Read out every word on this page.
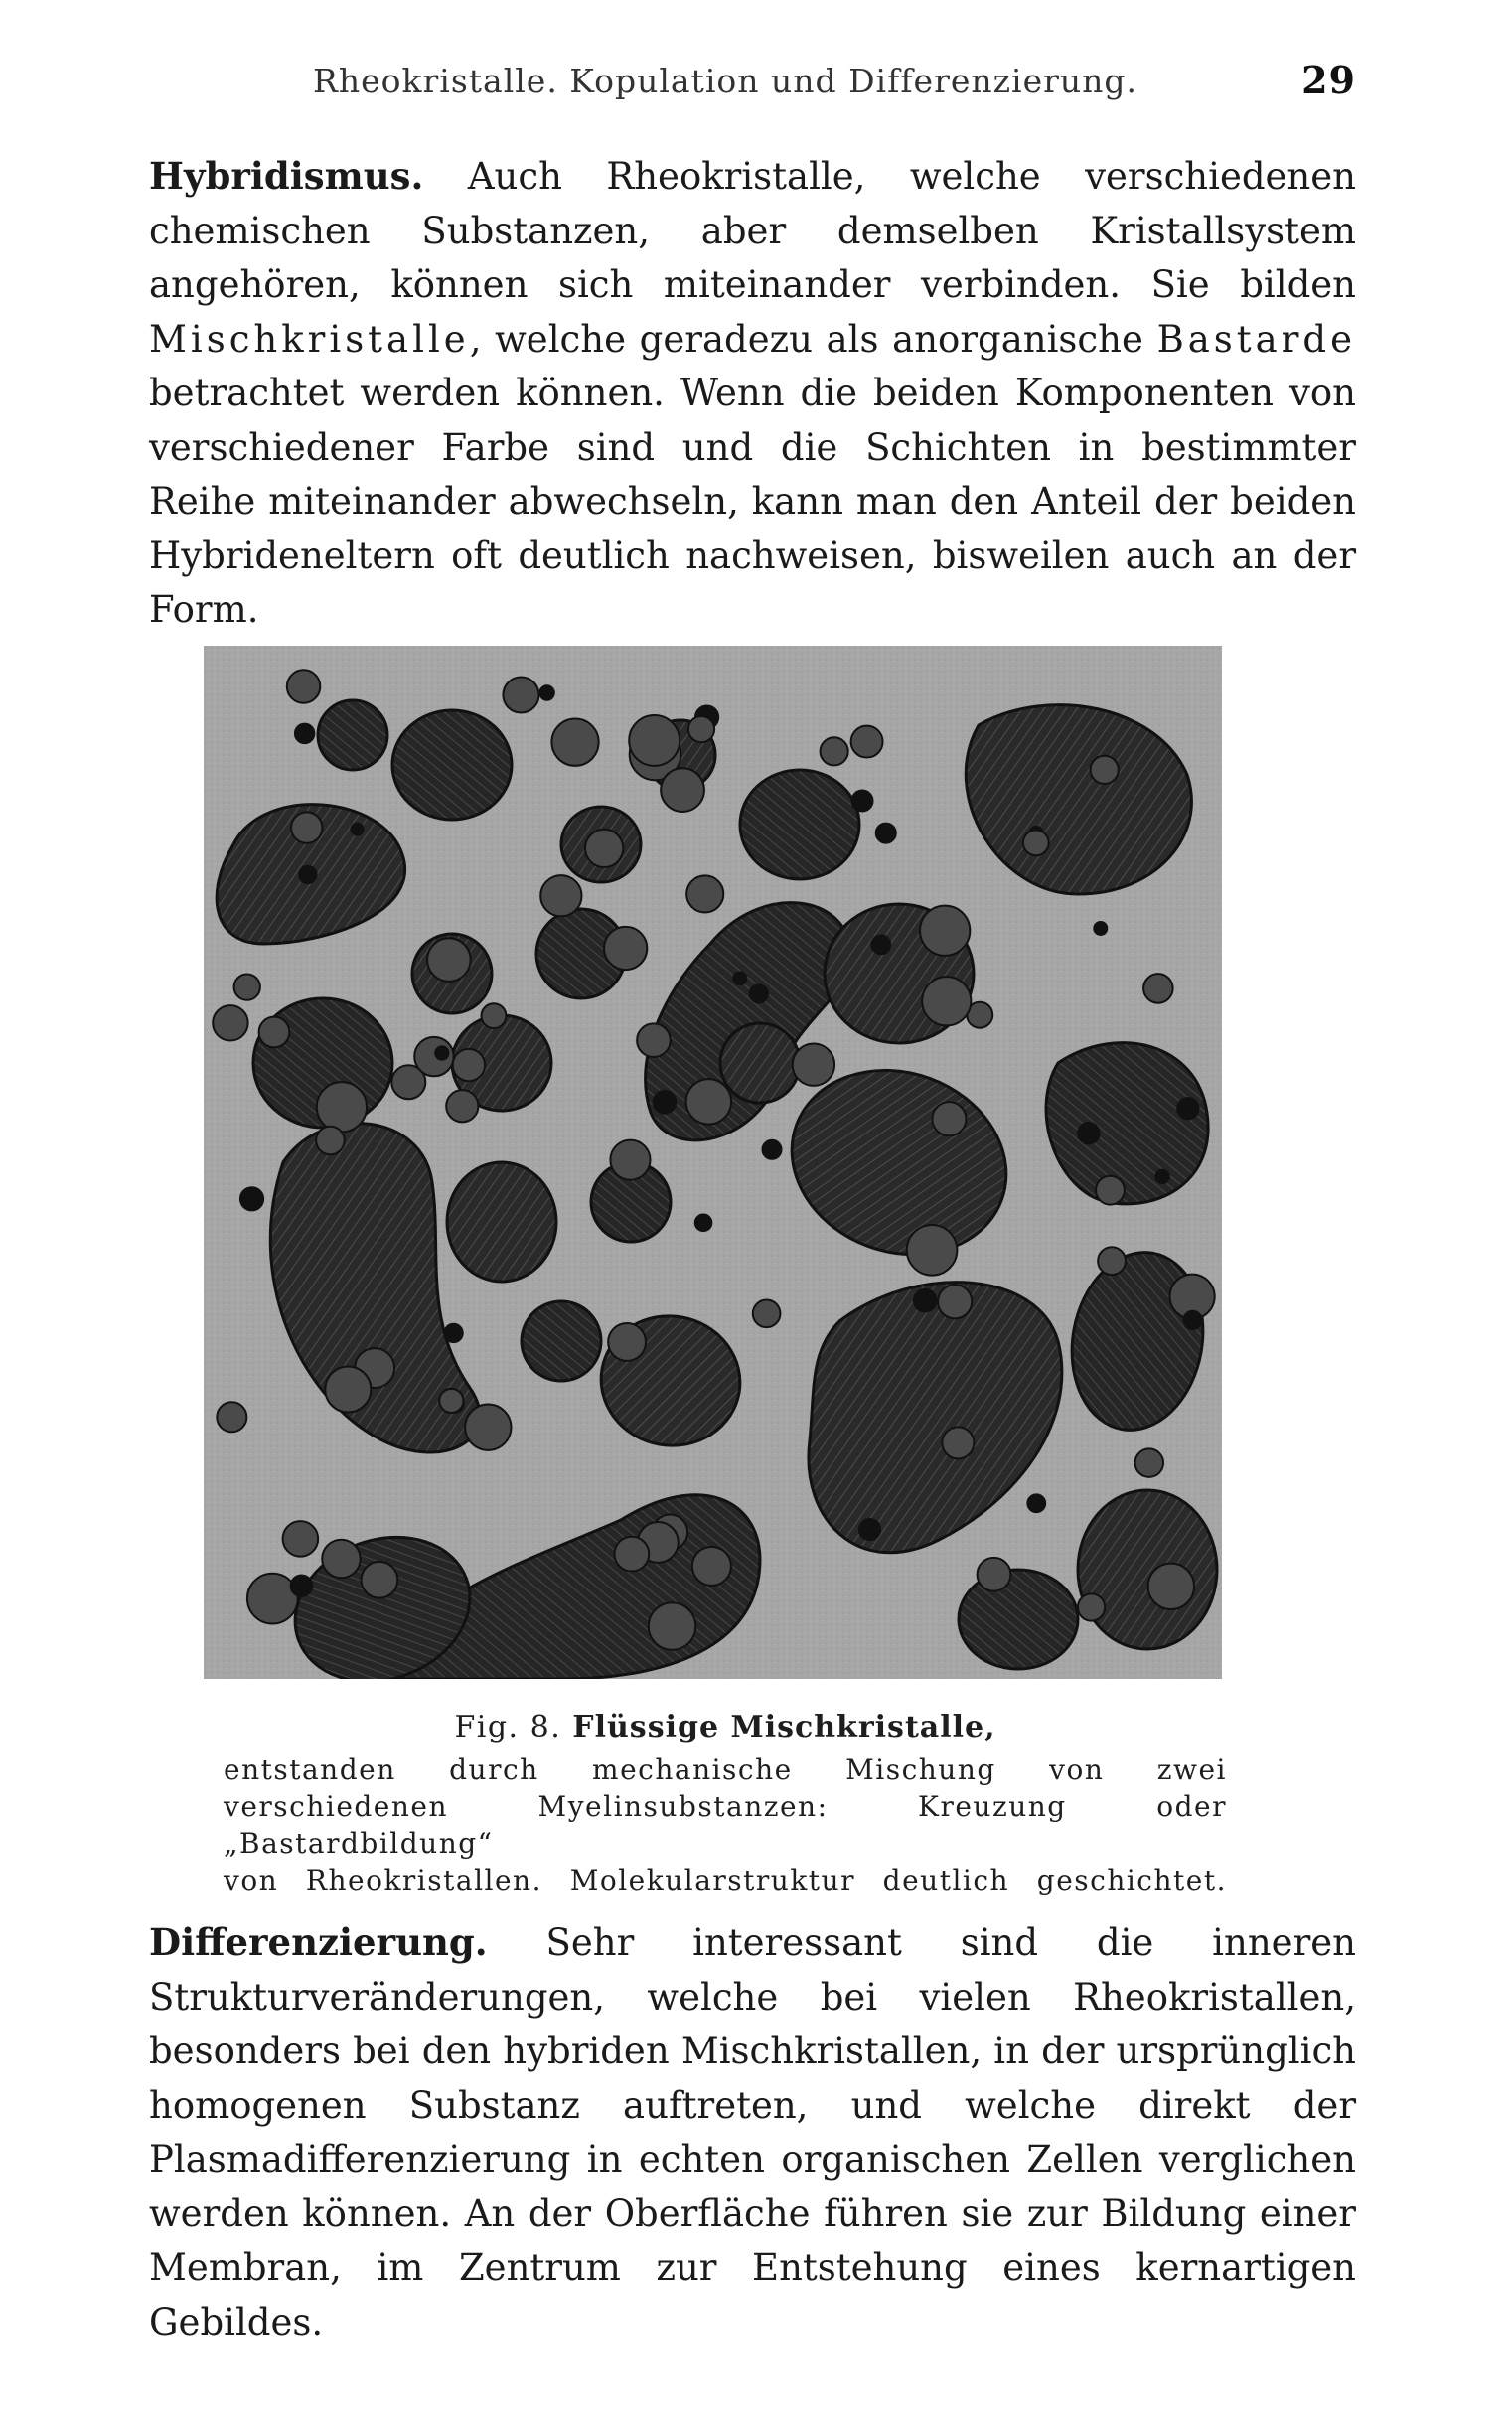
Rheokristalle. Kopulation und Differenzierung.	29

Hybridismus. Auch Rheokristalle, welche verschiedenen chemischen Substanzen, aber demselben Kristallsystem angehören, können sich miteinander verbinden. Sie bilden Mischkristalle, welche geradezu als anorganische Bastarde betrachtet werden können. Wenn die beiden Komponenten von verschiedener Farbe sind und die Schichten in bestimmter Reihe miteinander abwechseln, kann man den Anteil der beiden Hybrideneltern oft deutlich nachweisen, bisweilen auch an der Form.

Fig. 8. Flüssige Mischkristalle,
entstanden durch mechanische Mischung von zwei verschiedenen Myelinsubstanzen: Kreuzung oder „Bastardbildung“
von Rheokristallen. Molekularstruktur deutlich geschichtet.

Differenzierung. Sehr interessant sind die inneren Strukturveränderungen, welche bei vielen Rheokristallen, besonders bei den hybriden Mischkristallen, in der ursprünglich homogenen Substanz auftreten, und welche direkt der Plasmadifferenzierung in echten organischen Zellen verglichen werden können. An der Oberfläche führen sie zur Bildung einer Membran, im Zentrum zur Entstehung eines kernartigen Gebildes.
